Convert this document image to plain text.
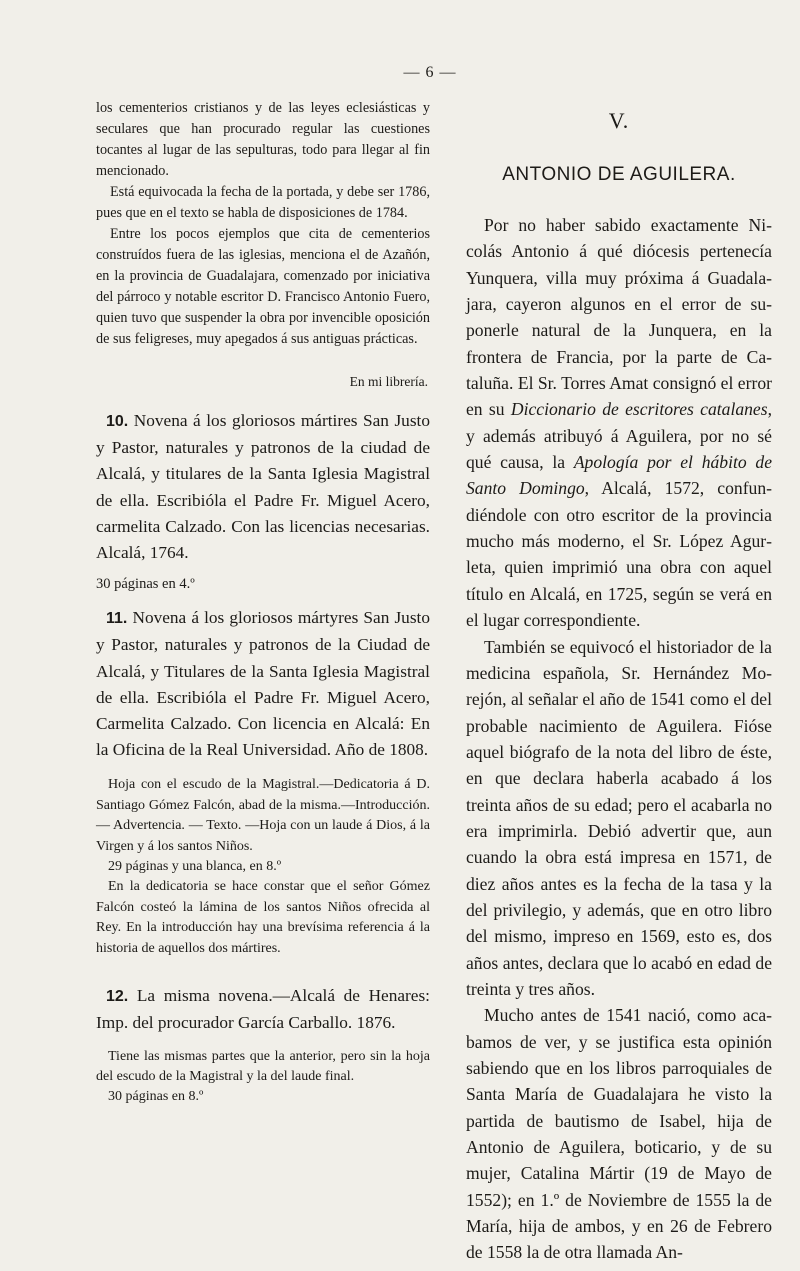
— 6 —

los cementerios cristianos y de las leyes eclesiásticas y seculares que han procurado regular las cuestiones tocantes al lugar de las sepulturas, todo para llegar al fin mencionado.

Está equivocada la fecha de la portada, y debe ser 1786, pues que en el texto se habla de disposiciones de 1784.

Entre los pocos ejemplos que cita de cementerios construídos fuera de las iglesias, menciona el de Azañón, en la provincia de Guadalajara, comenzado por iniciativa del párroco y notable escritor D. Francisco Antonio Fuero, quien tuvo que suspender la obra por invencible oposición de sus feligreses, muy apegados á sus antiguas prácticas.

En mi librería.

10. Novena á los gloriosos mártires San Justo y Pastor, naturales y patronos de la ciudad de Alcalá, y titulares de la Santa Iglesia Magistral de ella. Escribióla el Padre Fr. Miguel Acero, carmelita Calzado. Con las licencias necesarias. Alcalá, 1764.

30 páginas en 4.º

11. Novena á los gloriosos mártyres San Justo y Pastor, naturales y patronos de la Ciudad de Alcalá, y Titulares de la Santa Iglesia Magistral de ella. Escribióla el Padre Fr. Miguel Acero, Carmelita Calzado. Con licencia en Alcalá: En la Oficina de la Real Universidad. Año de 1808.

Hoja con el escudo de la Magistral.—Dedicatoria á D. Santiago Gómez Falcón, abad de la misma.—Introducción. — Advertencia. — Texto. —Hoja con un laude á Dios, á la Virgen y á los santos Niños.
29 páginas y una blanca, en 8.º
En la dedicatoria se hace constar que el señor Gómez Falcón costeó la lámina de los santos Niños ofrecida al Rey. En la introducción hay una brevísima referencia á la historia de aquellos dos mártires.

12. La misma novena.—Alcalá de Henares: Imp. del procurador García Carballo. 1876.

Tiene las mismas partes que la anterior, pero sin la hoja del escudo de la Magistral y la del laude final.
30 páginas en 8.º
V.
ANTONIO DE AGUILERA.

Por no haber sabido exactamente Nicolás Antonio á qué diócesis pertenecía Yunquera, villa muy próxima á Guadalajara, cayeron algunos en el error de suponerle natural de la Junquera, en la frontera de Francia, por la parte de Cataluña. El Sr. Torres Amat consignó el error en su Diccionario de escritores catalanes, y además atribuyó á Aguilera, por no sé qué causa, la Apología por el hábito de Santo Domingo, Alcalá, 1572, confundiéndole con otro escritor de la provincia mucho más moderno, el Sr. López Agurleta, quien imprimió una obra con aquel título en Alcalá, en 1725, según se verá en el lugar correspondiente.

También se equivocó el historiador de la medicina española, Sr. Hernández Morejón, al señalar el año de 1541 como el del probable nacimiento de Aguilera. Fióse aquel biógrafo de la nota del libro de éste, en que declara haberla acabado á los treinta años de su edad; pero el acabarla no era imprimirla. Debió advertir que, aun cuando la obra está impresa en 1571, de diez años antes es la fecha de la tasa y la del privilegio, y además, que en otro libro del mismo, impreso en 1569, esto es, dos años antes, declara que lo acabó en edad de treinta y tres años.

Mucho antes de 1541 nació, como acabamos de ver, y se justifica esta opinión sabiendo que en los libros parroquiales de Santa María de Guadalajara he visto la partida de bautismo de Isabel, hija de Antonio de Aguilera, boticario, y de su mujer, Catalina Mártir (19 de Mayo de 1552); en 1.º de Noviembre de 1555 la de María, hija de ambos, y en 26 de Febrero de 1558 la de otra llamada An-
